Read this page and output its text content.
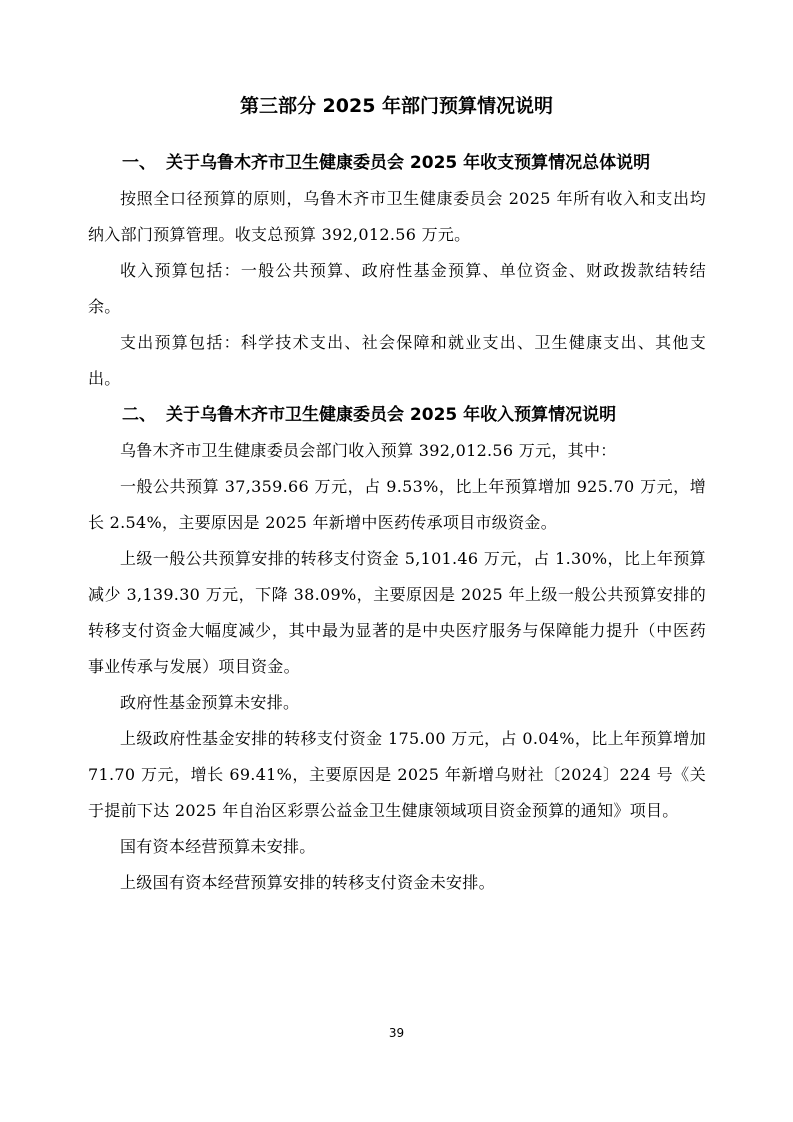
第三部分 2025 年部门预算情况说明
一、 关于乌鲁木齐市卫生健康委员会 2025 年收支预算情况总体说明

按照全口径预算的原则，乌鲁木齐市卫生健康委员会 2025 年所有收入和支出均纳入部门预算管理。收支总预算 392,012.56 万元。

收入预算包括：一般公共预算、政府性基金预算、单位资金、财政拨款结转结余。

支出预算包括：科学技术支出、社会保障和就业支出、卫生健康支出、其他支出。

二、 关于乌鲁木齐市卫生健康委员会 2025 年收入预算情况说明

乌鲁木齐市卫生健康委员会部门收入预算 392,012.56 万元，其中：

一般公共预算 37,359.66 万元，占 9.53%，比上年预算增加 925.70 万元，增长 2.54%，主要原因是 2025 年新增中医药传承项目市级资金。

上级一般公共预算安排的转移支付资金 5,101.46 万元，占 1.30%，比上年预算减少 3,139.30 万元，下降 38.09%，主要原因是 2025 年上级一般公共预算安排的转移支付资金大幅度减少，其中最为显著的是中央医疗服务与保障能力提升（中医药事业传承与发展）项目资金。

政府性基金预算未安排。

上级政府性基金安排的转移支付资金 175.00 万元，占 0.04%，比上年预算增加 71.70 万元，增长 69.41%，主要原因是 2025 年新增乌财社〔2024〕224 号《关于提前下达 2025 年自治区彩票公益金卫生健康领域项目资金预算的通知》项目。

国有资本经营预算未安排。

上级国有资本经营预算安排的转移支付资金未安排。

39
